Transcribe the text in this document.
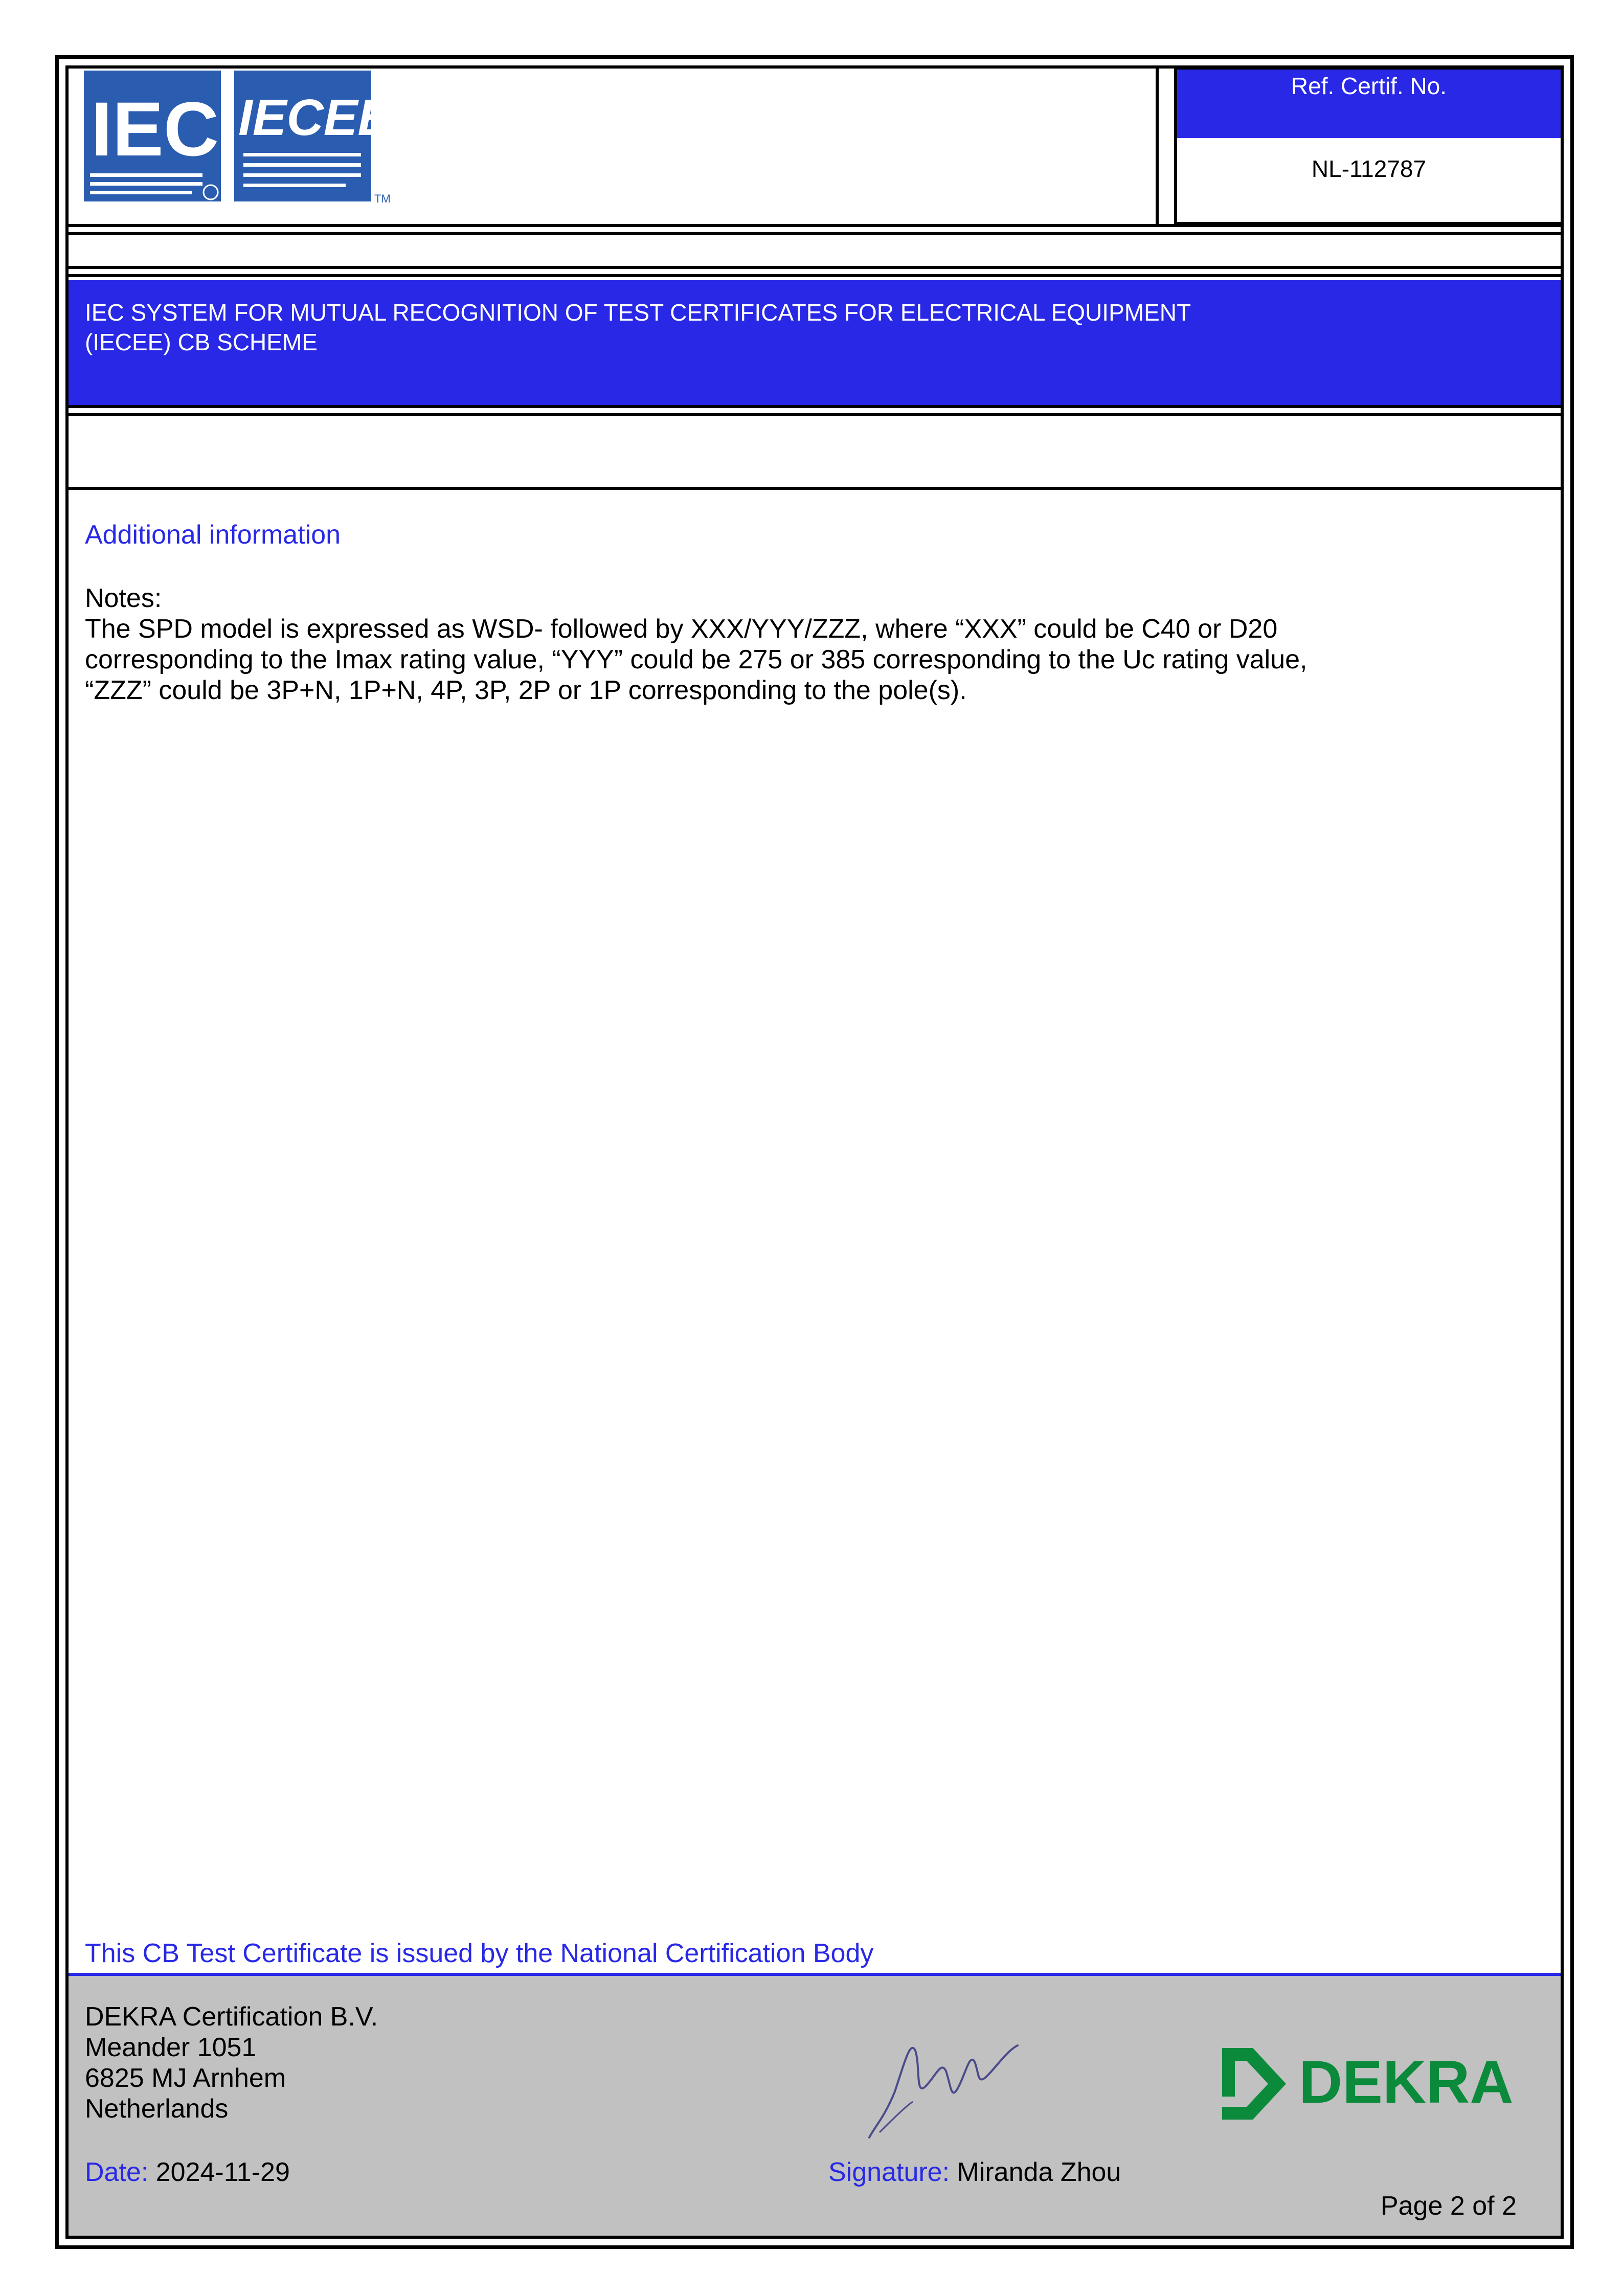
IEC IECEE
TM
Ref. Certif. No.
NL-112787
IEC SYSTEM FOR MUTUAL RECOGNITION OF TEST CERTIFICATES FOR ELECTRICAL EQUIPMENT
(IECEE) CB SCHEME
Additional information
Notes:
The SPD model is expressed as WSD- followed by XXX/YYY/ZZZ, where “XXX” could be C40 or D20
corresponding to the Imax rating value, “YYY” could be 275 or 385 corresponding to the Uc rating value,
“ZZZ” could be 3P+N, 1P+N, 4P, 3P, 2P or 1P corresponding to the pole(s).
This CB Test Certificate is issued by the National Certification Body
DEKRA Certification B.V.
Meander 1051
6825 MJ Arnhem
Netherlands	DEKRA
Date: 2024-11-29	Signature: Miranda Zhou
Page 2 of 2
